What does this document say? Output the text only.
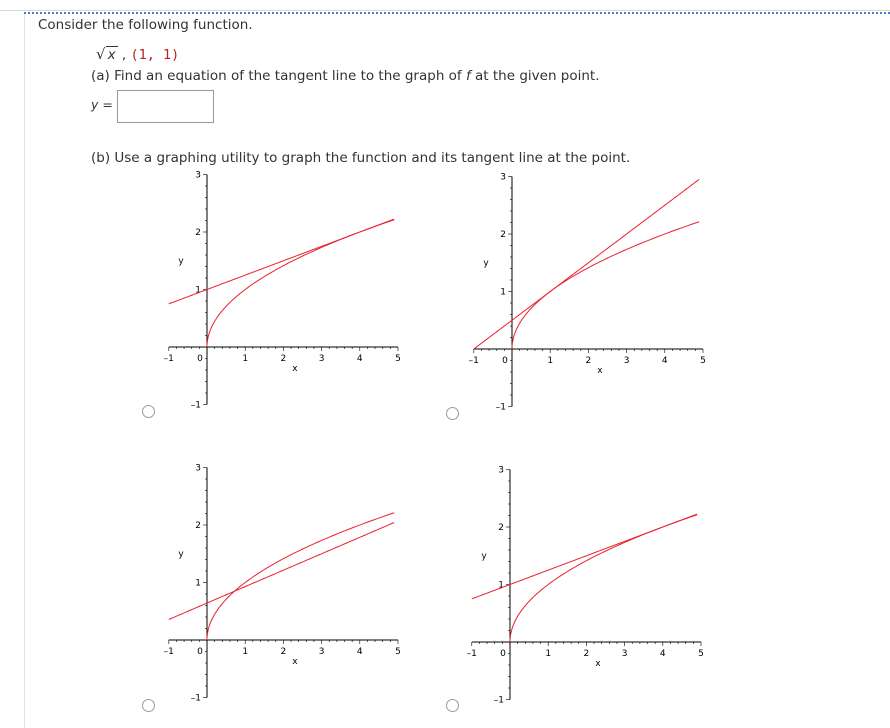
Consider the following function.
√ x , (1, 1)
(a) Find an equation of the tangent line to the graph of f at the given point.
y =
(b) Use a graphing utility to graph the function and its tangent line at the point.
–1	0	1	2	3	4	5
–1
1
2
3
x
y
–1	0	1	2	3	4	5
–1
1
2
3
x
y
–1	0	1	2	3	4	5
–1
1
2
3
x
y
–1	0	1	2	3	4	5
–1
1
2
3
x
y
